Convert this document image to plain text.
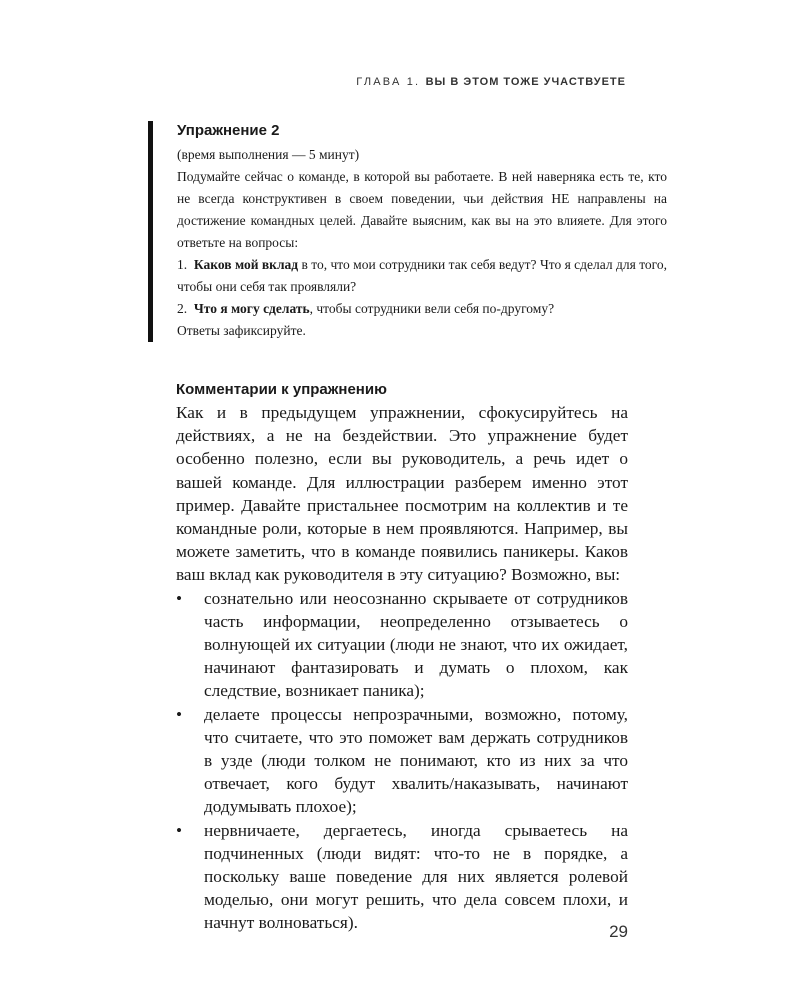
ГЛАВА 1. ВЫ В ЭТОМ ТОЖЕ УЧАСТВУЕТЕ
Упражнение 2

(время выполнения — 5 минут)

Подумайте сейчас о команде, в которой вы работаете. В ней наверняка есть те, кто не всегда конструктивен в своем поведении, чьи действия НЕ направлены на достижение командных целей. Давайте выясним, как вы на это влияете. Для этого ответьте на вопросы:

1. Каков мой вклад в то, что мои сотрудники так себя ведут? Что я сделал для того, чтобы они себя так проявляли?

2. Что я могу сделать, чтобы сотрудники вели себя по-другому?

Ответы зафиксируйте.

Комментарии к упражнению

Как и в предыдущем упражнении, сфокусируйтесь на действиях, а не на бездействии. Это упражнение будет особенно полезно, если вы руководитель, а речь идет о вашей команде. Для иллюстрации разберем именно этот пример. Давайте пристальнее посмотрим на коллектив и те командные роли, которые в нем проявляются. Например, вы можете заметить, что в команде появились паникеры. Каков ваш вклад как руководителя в эту ситуацию? Возможно, вы:

• сознательно или неосознанно скрываете от сотрудников часть информации, неопределенно отзываетесь о волнующей их ситуации (люди не знают, что их ожидает, начинают фантазировать и думать о плохом, как следствие, возникает паника);
• делаете процессы непрозрачными, возможно, потому, что считаете, что это поможет вам держать сотрудников в узде (люди толком не понимают, кто из них за что отвечает, кого будут хвалить/наказывать, начинают додумывать плохое);
• нервничаете, дергаетесь, иногда срываетесь на подчиненных (люди видят: что-то не в порядке, а поскольку ваше поведение для них является ролевой моделью, они могут решить, что дела совсем плохи, и начнут волноваться).	29
